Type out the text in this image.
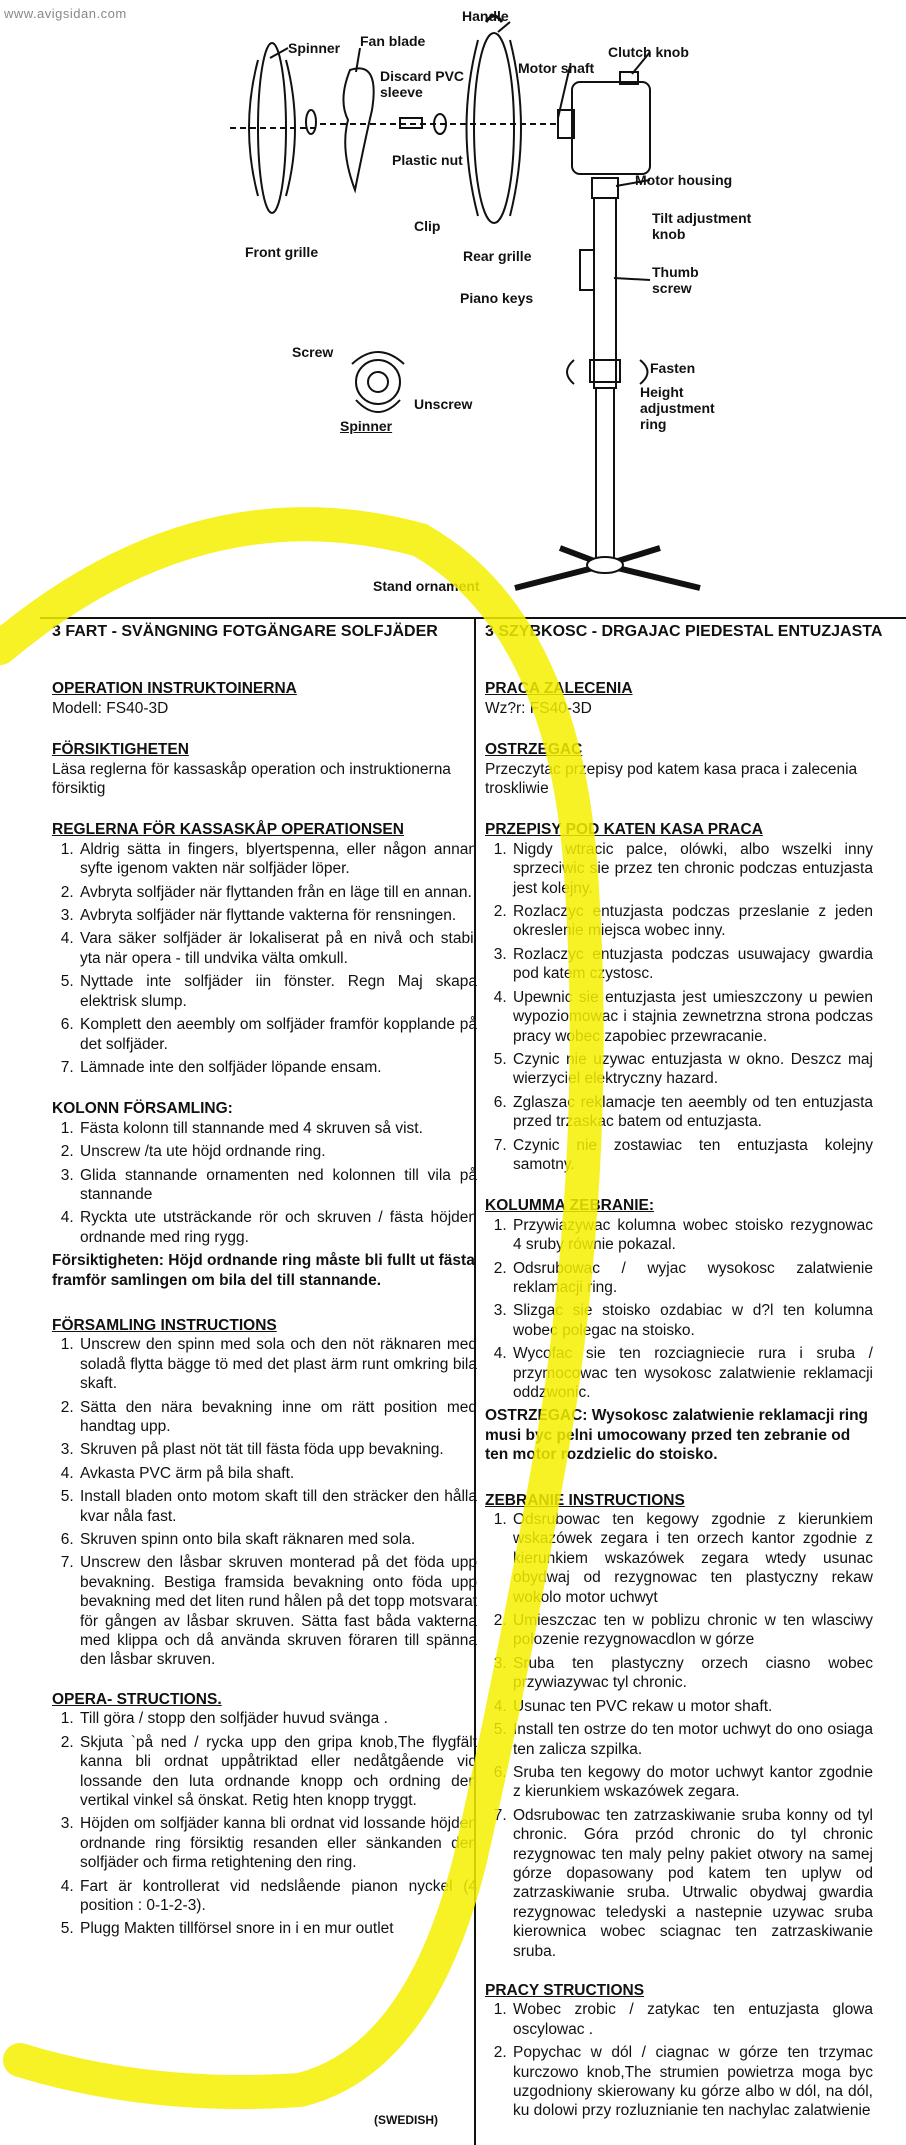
www.avigsidan.com	Handle
Spinner Fan blade
Discard PVC
sleeve
Motor shaft
Clutch knob
Plastic nut
Motor housing
Clip	Tilt adjustment
knob
Front grille	Rear grille
Thumb
screw
Piano keys
Screw
Unscrew
Spinner
Fasten
Height
adjustment
ring
Stand ornament

3 FART - SVÄNGNING FOTGÄNGARE SOLFJÄDER

OPERATION INSTRUKTOINERNA

Modell: FS40-3D

FÖRSIKTIGHETEN

Läsa reglerna för kassaskåp operation och instruktionerna försiktig

REGLERNA FÖR KASSASKÅP OPERATIONSEN

1. Aldrig sätta in fingers, blyertspenna, eller någon annan syfte igenom vakten när solfjäder löper.
2. Avbryta solfjäder när flyttanden från en läge till en annan.
3. Avbryta solfjäder när flyttande vakterna för rensningen.
4. Vara säker solfjäder är lokaliserat på en nivå och stabil yta när opera - till undvika välta omkull.
5. Nyttade inte solfjäder iin fönster. Regn Maj skapa elektrisk slump.
6. Komplett den aeembly om solfjäder framför kopplande på det solfjäder.
7. Lämnade inte den solfjäder löpande ensam.

KOLONN FÖRSAMLING:

1. Fästa kolonn till stannande med 4 skruven så vist.
2. Unscrew /ta ute höjd ordnande ring.
3. Glida stannande ornamenten ned kolonnen till vila på stannande
4. Ryckta ute utsträckande rör och skruven / fästa höjden ordnande med ring rygg.

Försiktigheten: Höjd ordnande ring måste bli fullt ut fästa framför samlingen om bila del till stannande.

FÖRSAMLING INSTRUCTIONS

1. Unscrew den spinn med sola och den nöt räknaren med soladå flytta bägge tö med det plast ärm runt omkring bila skaft.
2. Sätta den nära bevakning inne om rätt position med handtag upp.
3. Skruven på plast nöt tät till fästa föda upp bevakning.
4. Avkasta PVC ärm på bila shaft.
5. Install bladen onto motom skaft till den sträcker den hålla kvar nåla fast.
6. Skruven spinn onto bila skaft räknaren med sola.
7. Unscrew den låsbar skruven monterad på det föda upp bevakning. Bestiga framsida bevakning onto föda upp bevakning med det liten rund hålen på det topp motsvarat för gången av låsbar skruven. Sätta fast båda vakterna med klippa och då använda skruven föraren till spänna den låsbar skruven.

OPERA- STRUCTIONS.

1. Till göra / stopp den solfjäder huvud svänga .
2. Skjuta `på ned / rycka upp den gripa knob,The flygfält kanna bli ordnat uppåtriktad eller nedåtgående vid lossande den luta ordnande knopp och ordning den vertikal vinkel så önskat. Retig hten knopp tryggt.
3. Höjden om solfjäder kanna bli ordnat vid lossande höjden ordnande ring försiktig resanden eller sänkanden den solfjäder och firma retightening den ring.
4. Fart är kontrollerat vid nedslående pianon nyckel (4 position : 0-1-2-3).
5. Plugg Makten tillförsel snore in i en mur outlet
(SWEDISH)

3 SZYBKOSC - DRGAJAC PIEDESTAL ENTUZJASTA

PRACA ZALECENIA

Wz?r: FS40-3D

OSTRZEGAC

Przeczytac przepisy pod katem kasa praca i zalecenia troskliwie

PRZEPISY POD KATEN KASA PRACA

1. Nigdy wtracic palce, olówki, albo wszelki inny sprzeciwic sie przez ten chronic podczas entuzjasta jest kolejny.
2. Rozlaczyc entuzjasta podczas przeslanie z jeden okreslenie miejsca wobec inny.
3. Rozlaczyc entuzjasta podczas usuwajacy gwardia pod katem czystosc.
4. Upewnic sie entuzjasta jest umieszczony u pewien wypoziomowac i stajnia zewnetrzna strona podczas pracy wobec zapobiec przewracanie.
5. Czynic nie uzywac entuzjasta w okno. Deszcz maj wierzyciel elektryczny hazard.
6. Zglaszac reklamacje ten aeembly od ten entuzjasta przed trzaskac batem od entuzjasta.
7. Czynic nie zostawiac ten entuzjasta kolejny samotny.

KOLUMMA ZEBRANIE:

1. Przywiazywac kolumna wobec stoisko rezygnowac 4 sruby równie pokazal.
2. Odsrubowac / wyjac wysokosc zalatwienie reklamacji ring.
3. Slizgac sie stoisko ozdabiac w d?l ten kolumna wobec polegac na stoisko.
4. Wycofac sie ten rozciagniecie rura i sruba / przymocowac ten wysokosc zalatwienie reklamacji oddzwonic.

OSTRZEGAC: Wysokosc zalatwienie reklamacji ring musi byc pelni umocowany przed ten zebranie od ten motor rozdzielic do stoisko.

ZEBRANIE INSTRUCTIONS

1. Odsrubowac ten kegowy zgodnie z kierunkiem wskazówek zegara i ten orzech kantor zgodnie z kierunkiem wskazówek zegara wtedy usunac obydwaj od rezygnowac ten plastyczny rekaw wokolo motor uchwyt
2. Umieszczac ten w poblizu chronic w ten wlasciwy polozenie rezygnowacdlon w górze
3. Sruba ten plastyczny orzech ciasno wobec przywiazywac tyl chronic.
4. Usunac ten PVC rekaw u motor shaft.
5. Install ten ostrze do ten motor uchwyt do ono osiaga ten zalicza szpilka.
6. Sruba ten kegowy do motor uchwyt kantor zgodnie z kierunkiem wskazówek zegara.
7. Odsrubowac ten zatrzaskiwanie sruba konny od tyl chronic. Góra przód chronic do tyl chronic rezygnowac ten maly pelny pakiet otwory na samej górze dopasowany pod katem ten uplyw od zatrzaskiwanie sruba. Utrwalic obydwaj gwardia rezygnowac teledyski a nastepnie uzywac sruba kierownica wobec sciagnac ten zatrzaskiwanie sruba.

PRACY STRUCTIONS

1. Wobec zrobic / zatykac ten entuzjasta glowa oscylowac .
2. Popychac w dól / ciagnac w górze ten trzymac kurczowo knob,The strumien powietrza moga byc uzgodniony skierowany ku górze albo w dól, na dól, ku dolowi przy rozluznianie ten nachylac zalatwienie
